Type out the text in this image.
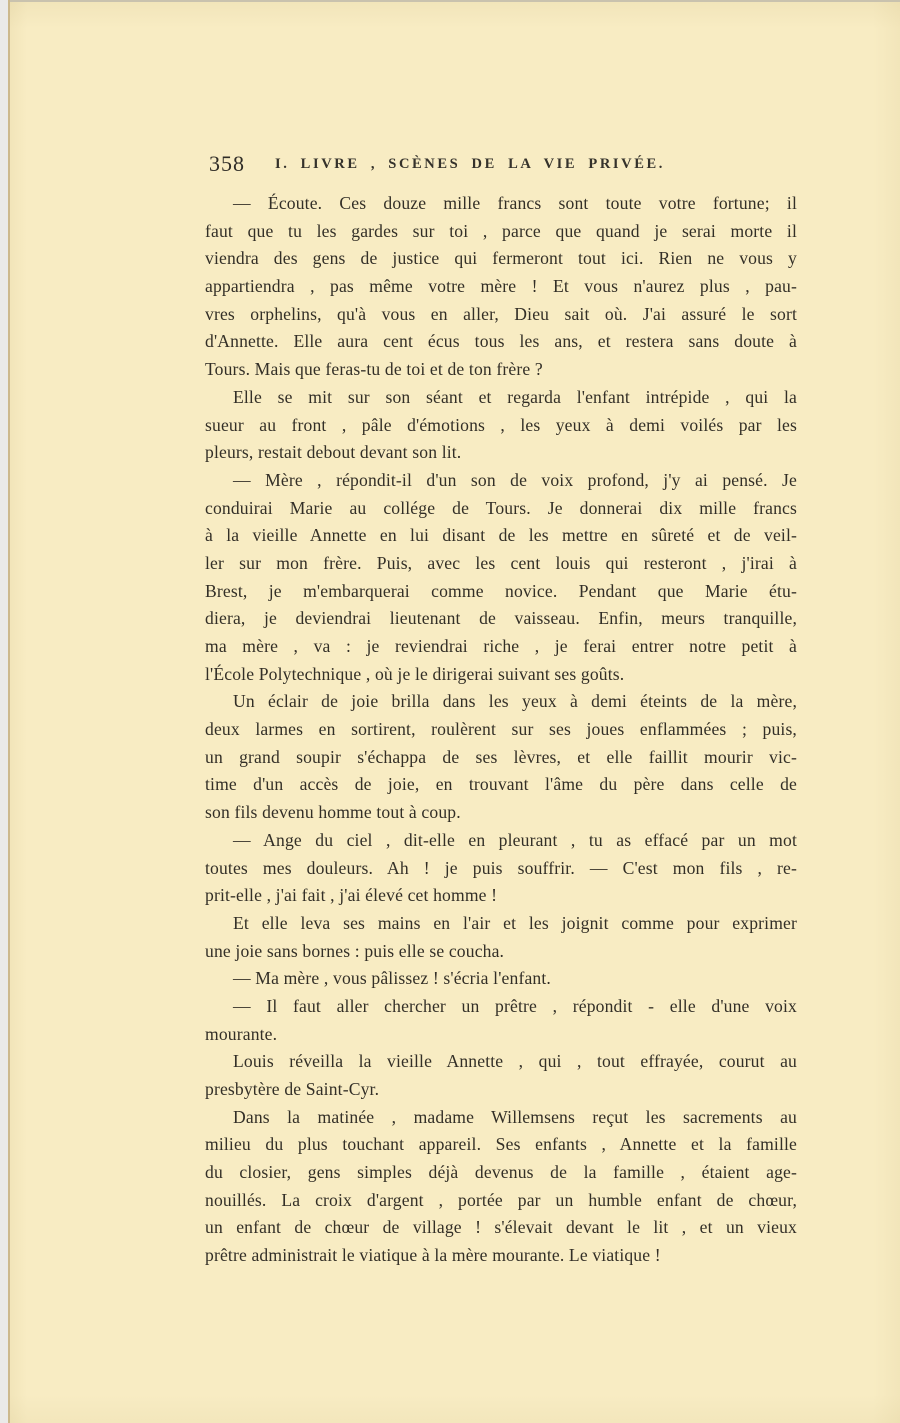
358 I. LIVRE , SCÈNES DE LA VIE PRIVÉE.
— Écoute. Ces douze mille francs sont toute votre fortune; il
faut que tu les gardes sur toi , parce que quand je serai morte il
viendra des gens de justice qui fermeront tout ici. Rien ne vous y
appartiendra , pas même votre mère ! Et vous n'aurez plus , pau-
vres orphelins, qu'à vous en aller, Dieu sait où. J'ai assuré le sort
d'Annette. Elle aura cent écus tous les ans, et restera sans doute à
Tours. Mais que feras-tu de toi et de ton frère ?
Elle se mit sur son séant et regarda l'enfant intrépide , qui la
sueur au front , pâle d'émotions , les yeux à demi voilés par les
pleurs, restait debout devant son lit.
— Mère , répondit-il d'un son de voix profond, j'y ai pensé. Je
conduirai Marie au collége de Tours. Je donnerai dix mille francs
à la vieille Annette en lui disant de les mettre en sûreté et de veil-
ler sur mon frère. Puis, avec les cent louis qui resteront , j'irai à
Brest, je m'embarquerai comme novice. Pendant que Marie étu-
diera, je deviendrai lieutenant de vaisseau. Enfin, meurs tranquille,
ma mère , va : je reviendrai riche , je ferai entrer notre petit à
l'École Polytechnique , où je le dirigerai suivant ses goûts.
Un éclair de joie brilla dans les yeux à demi éteints de la mère,
deux larmes en sortirent, roulèrent sur ses joues enflammées ; puis,
un grand soupir s'échappa de ses lèvres, et elle faillit mourir vic-
time d'un accès de joie, en trouvant l'âme du père dans celle de
son fils devenu homme tout à coup.
— Ange du ciel , dit-elle en pleurant , tu as effacé par un mot
toutes mes douleurs. Ah ! je puis souffrir. — C'est mon fils , re-
prit-elle , j'ai fait , j'ai élevé cet homme !
Et elle leva ses mains en l'air et les joignit comme pour exprimer
une joie sans bornes : puis elle se coucha.
— Ma mère , vous pâlissez ! s'écria l'enfant.
— Il faut aller chercher un prêtre , répondit - elle d'une voix
mourante.
Louis réveilla la vieille Annette , qui , tout effrayée, courut au
presbytère de Saint-Cyr.
Dans la matinée , madame Willemsens reçut les sacrements au
milieu du plus touchant appareil. Ses enfants , Annette et la famille
du closier, gens simples déjà devenus de la famille , étaient age-
nouillés. La croix d'argent , portée par un humble enfant de chœur,
un enfant de chœur de village ! s'élevait devant le lit , et un vieux
prêtre administrait le viatique à la mère mourante. Le viatique !
